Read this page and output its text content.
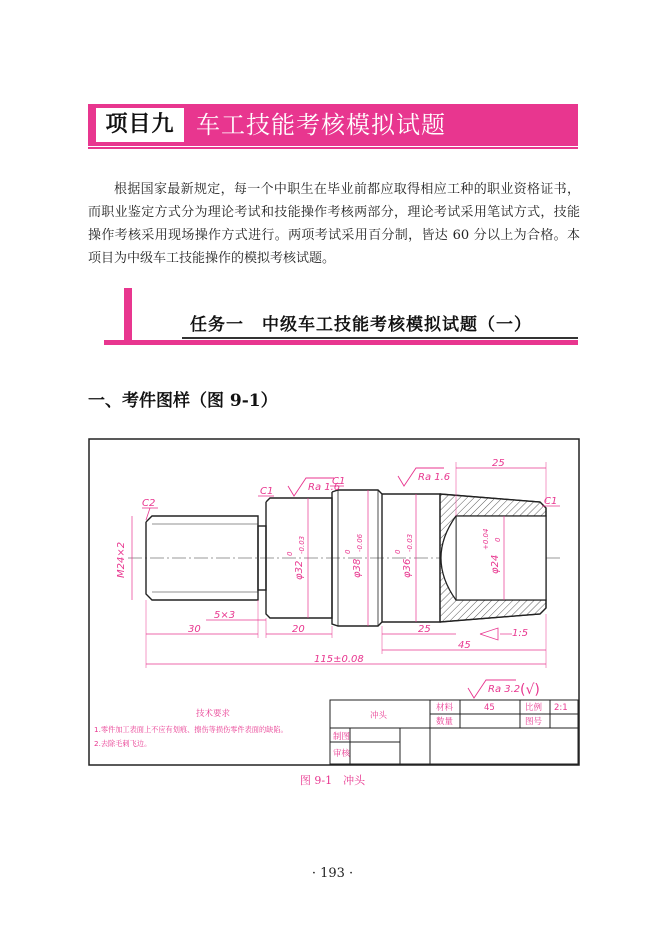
项目九 车工技能考核模拟试题
根据国家最新规定，每一个中职生在毕业前都应取得相应工种的职业资格证书，而职业鉴定方式分为理论考试和技能操作考核两部分，理论考试采用笔试方式，技能操作考核采用现场操作方式进行。两项考试采用百分制，皆达 60 分以上为合格。本项目为中级车工技能操作的模拟考核试题。
任务一　中级车工技能考核模拟试题（一）
一、考件图样（图 9-1）
C2
C1
C1
C1
Ra 1.6
Ra 1.6
Ra 3.2 (√)
M24×2	φ32
0 -0.03
φ38
0 -0.06
φ36
0 -0.03
φ24
+0.04 0
25
5×3
30	20	25
45
115±0.08
1:5
技术要求
1.零件加工表面上不应有划痕、擦伤等损伤零件表面的缺陷。
2.去除毛刺飞边。
冲头
材料	45	比例 2:1
数量	图号
制图
审核
图 9-1　冲头
· 193 ·
